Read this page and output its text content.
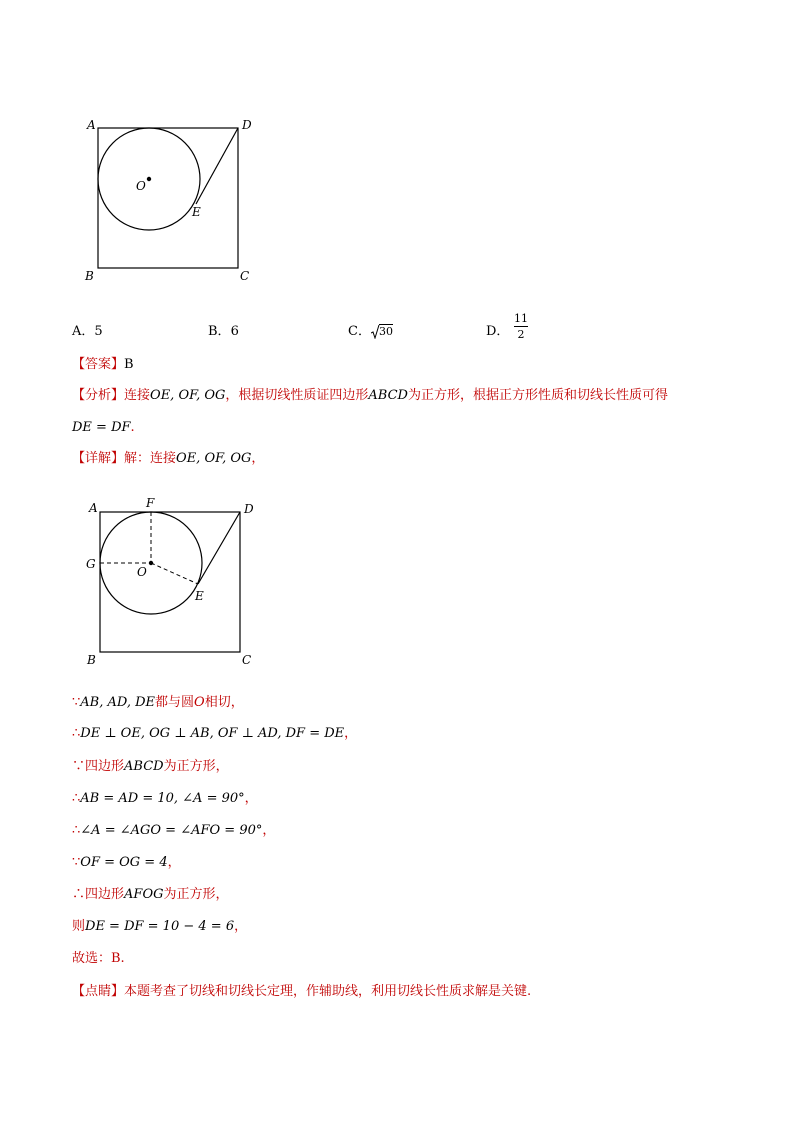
A	D
B	C
O
E
A．5	B．6	C． 30	D．
11
2
【答案】B
【分析】连接OE, OF, OG，根据切线性质证四边形ABCD为正方形，根据正方形性质和切线长性质可得
DE = DF.
【详解】解：连接OE, OF, OG，
A	F	D
G
O
E
B	C
∵AB, AD, DE都与圆O相切，
∴DE ⊥ OE, OG ⊥ AB, OF ⊥ AD, DF = DE，
∵四边形ABCD为正方形，
∴AB = AD = 10, ∠A = 90°，
∴∠A = ∠AGO = ∠AFO = 90°，
∵OF = OG = 4，
∴四边形AFOG为正方形，
则DE = DF = 10 − 4 = 6，
故选：B.
【点睛】本题考查了切线和切线长定理，作辅助线，利用切线长性质求解是关键.
